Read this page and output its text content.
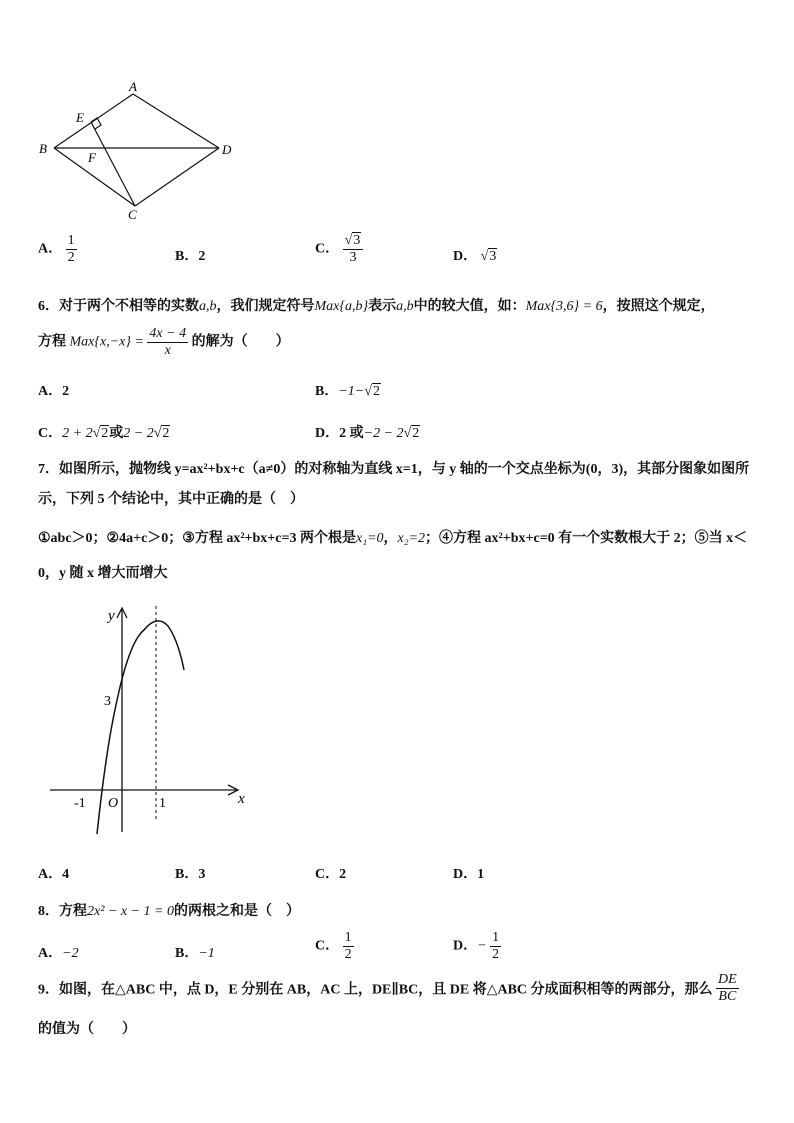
A
E
B
F
D
C
A． $\frac{1}{2}$	B．2	C． $\frac{√3}{3}$	D． √3
6．对于两个不相等的实数a,b，我们规定符号Max{a,b}表示a,b中的较大值，如：Max{3,6} = 6，按照这个规定，
方程 $Max\{x,-x\} = \frac{4x - 4}{x}$ 的解为（　　）
A．2	B．−1−√2
C．2 + 2√2或2 − 2√2	D．2 或−2 − 2√2
7．如图所示，抛物线 y=ax²+bx+c（a≠0）的对称轴为直线 x=1，与 y 轴的一个交点坐标为(0，3)，其部分图象如图所
示，下列 5 个结论中，其中正确的是（　）
①abc＞0；②4a+c＞0；③方程 ax²+bx+c=3 两个根是x₁=0，x₂=2；④方程 ax²+bx+c=0 有一个实数根大于 2；⑤当 x＜
0，y 随 x 增大而增大
y
3
-1 O	1	x
A．4	B．3	C．2	D．1
8．方程2x² − x − 1 = 0的两根之和是（　）
A．−2	B．−1	C． $\frac{1}{2}$	D．− $\frac{1}{2}$
9．如图，在△ABC 中，点 D，E 分别在 AB，AC 上，DE∥BC，且 DE 将△ABC 分成面积相等的两部分，那么 $\frac{DE}{BC}$
的值为（　　）
